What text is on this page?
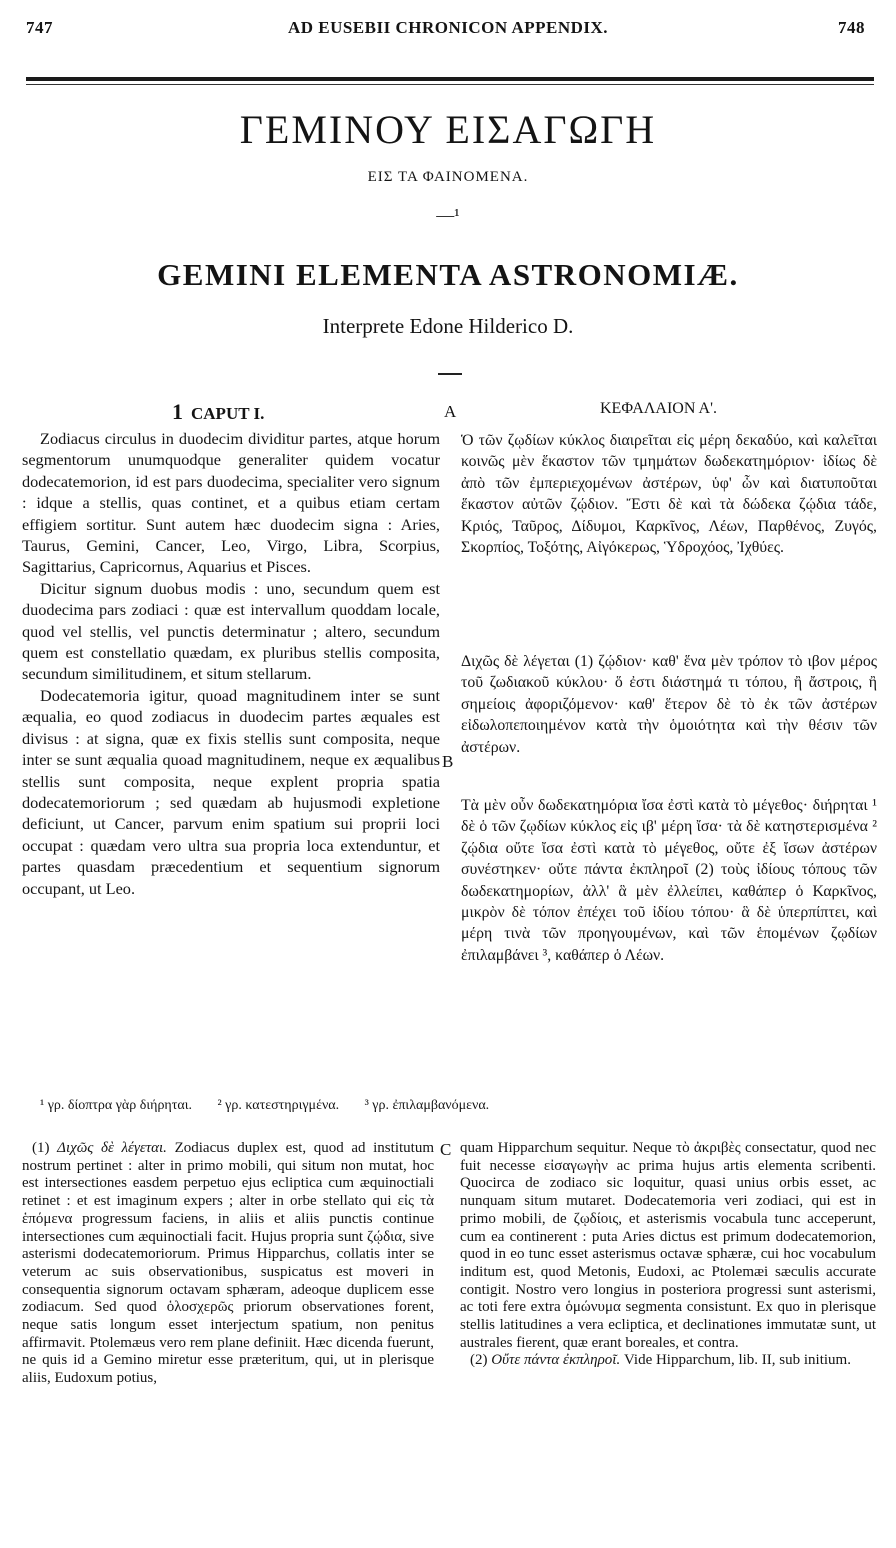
747	AD EUSEBII CHRONICON APPENDIX.	748
ΓΕΜΙΝΟΥ ΕΙΣΑΓΩΓΗ
ΕΙΣ ΤΑ ΦΑΙΝΟΜΕΝΑ.
—¹
GEMINI ELEMENTA ASTRONOMIÆ.
Interprete Edone Hilderico D.
1 CAPUT I.	A	ΚΕΦΑΛΑΙΟΝ Α'.

Zodiacus circulus in duodecim dividitur partes, atque horum segmentorum unumquodque generaliter quidem vocatur dodecatemorion, id est pars duodecima, specialiter vero signum : idque a stellis, quas continet, et a quibus etiam certam effigiem sortitur. Sunt autem hæc duodecim signa : Aries, Taurus, Gemini, Cancer, Leo, Virgo, Libra, Scorpius, Sagittarius, Capricornus, Aquarius et Pisces.

Dicitur signum duobus modis : uno, secundum quem est duodecima pars zodiaci : quæ est intervallum quoddam locale, quod vel stellis, vel punctis determinatur ; altero, secundum quem est constellatio quædam, ex pluribus stellis composita, secundum similitudinem, et situm stellarum.

Dodecatemoria igitur, quoad magnitudinem inter se sunt æqualia, eo quod zodiacus in duodecim partes æquales est divisus : at signa, quæ ex fixis stellis sunt composita, neque inter se sunt æqualia quoad magnitudinem, neque ex æqualibus stellis sunt composita, neque explent propria spatia dodecatemoriorum ; sed quædam ab hujusmodi expletione deficiunt, ut Cancer, parvum enim spatium sui proprii loci occupat : quædam vero ultra sua propria loca extenduntur, et partes quasdam præcedentium et sequentium signorum occupant, ut Leo.

Ὁ τῶν ζῳδίων κύκλος διαιρεῖται εἰς μέρη δεκαδύο, καὶ καλεῖται κοινῶς μὲν ἕκαστον τῶν τμημάτων δωδεκατημόριον· ἰδίως δὲ ἀπὸ τῶν ἐμπεριεχομένων ἀστέρων, ὑφ' ὧν καὶ διατυποῦται ἕκαστον αὐτῶν ζῴδιον. Ἔστι δὲ καὶ τὰ δώδεκα ζῴδια τάδε, Κριός, Ταῦρος, Δίδυμοι, Καρκῖνος, Λέων, Παρθένος, Ζυγός, Σκορπίος, Τοξότης, Αἰγόκερως, Ὑδροχόος, Ἰχθύες.
Διχῶς δὲ λέγεται (1) ζῴδιον· καθ' ἕνα μὲν τρόπον τὸ ιβον μέρος τοῦ ζωδιακοῦ κύκλου· ὅ ἐστι διάστημά τι τόπου, ἢ ἄστροις, ἢ σημείοις ἀφοριζόμενον· καθ' ἕτερον δὲ τὸ ἐκ τῶν ἀστέρων εἰδωλοπεποιημένον κατὰ τὴν ὁμοιότητα καὶ τὴν θέσιν τῶν ἀστέρων.
Τὰ μὲν οὖν δωδεκατημόρια ἴσα ἐστὶ κατὰ τὸ μέγεθος· διήρηται ¹ δὲ ὁ τῶν ζῳδίων κύκλος εἰς ιβ' μέρη ἴσα· τὰ δὲ κατηστερισμένα ² ζῴδια οὔτε ἴσα ἐστὶ κατὰ τὸ μέγεθος, οὔτε ἐξ ἴσων ἀστέρων συνέστηκεν· οὔτε πάντα ἐκπληροῖ (2) τοὺς ἰδίους τόπους τῶν δωδεκατημορίων, ἀλλ' ἃ μὲν ἐλλείπει, καθάπερ ὁ Καρκῖνος, μικρὸν δὲ τόπον ἐπέχει τοῦ ἰδίου τόπου· ἃ δὲ ὑπερπίπτει, καὶ μέρη τινὰ τῶν προηγουμένων, καὶ τῶν ἑπομένων ζῳδίων ἐπιλαμβάνει ³, καθάπερ ὁ Λέων.
B
¹ γρ. δίοπτρα γὰρ διήρηται. ² γρ. κατεστηριγμένα. ³ γρ. ἐπιλαμβανόμενα.

(1) Διχῶς δὲ λέγεται. Zodiacus duplex est, quod ad institutum nostrum pertinet : alter in primo mobili, qui situm non mutat, hoc est intersectiones easdem perpetuo ejus ecliptica cum æquinoctiali retinet : et est imaginum expers ; alter in orbe stellato qui εἰς τὰ ἑπόμενα progressum faciens, in aliis et aliis punctis continue intersectiones cum æquinoctiali facit. Hujus propria sunt ζῴδια, sive asterismi dodecatemoriorum. Primus Hipparchus, collatis inter se veterum ac suis observationibus, suspicatus est moveri in consequentia signorum octavam sphæram, adeoque duplicem esse zodiacum. Sed quod ὁλοσχερῶς priorum observationes forent, neque satis longum esset interjectum spatium, non penitus affirmavit. Ptolemæus vero rem plane definiit. Hæc dicenda fuerunt, ne quis id a Gemino miretur esse præteritum, qui, ut in plerisque aliis, Eudoxum potius,

C quam Hipparchum sequitur. Neque τὸ ἀκριβὲς consectatur, quod nec fuit necesse εἰσαγωγὴν ac prima hujus artis elementa scribenti. Quocirca de zodiaco sic loquitur, quasi unius orbis esset, ac nunquam situm mutaret. Dodecatemoria veri zodiaci, qui est in primo mobili, de ζῳδίοις, et asterismis vocabula tunc acceperunt, cum ea continerent : puta Aries dictus est primum dodecatemorion, quod in eo tunc esset asterismus octavæ sphæræ, cui hoc vocabulum inditum est, quod Metonis, Eudoxi, ac Ptolemæi sæculis accurate contigit. Nostro vero longius in posteriora progressi sunt asterismi, ac toti fere extra ὁμώνυμα segmenta consistunt. Ex quo in plerisque stellis latitudines a vera ecliptica, et declinationes immutatæ sunt, ut australes fierent, quæ erant boreales, et contra.

(2) Οὔτε πάντα ἐκπληροῖ. Vide Hipparchum, lib. II, sub initium.
